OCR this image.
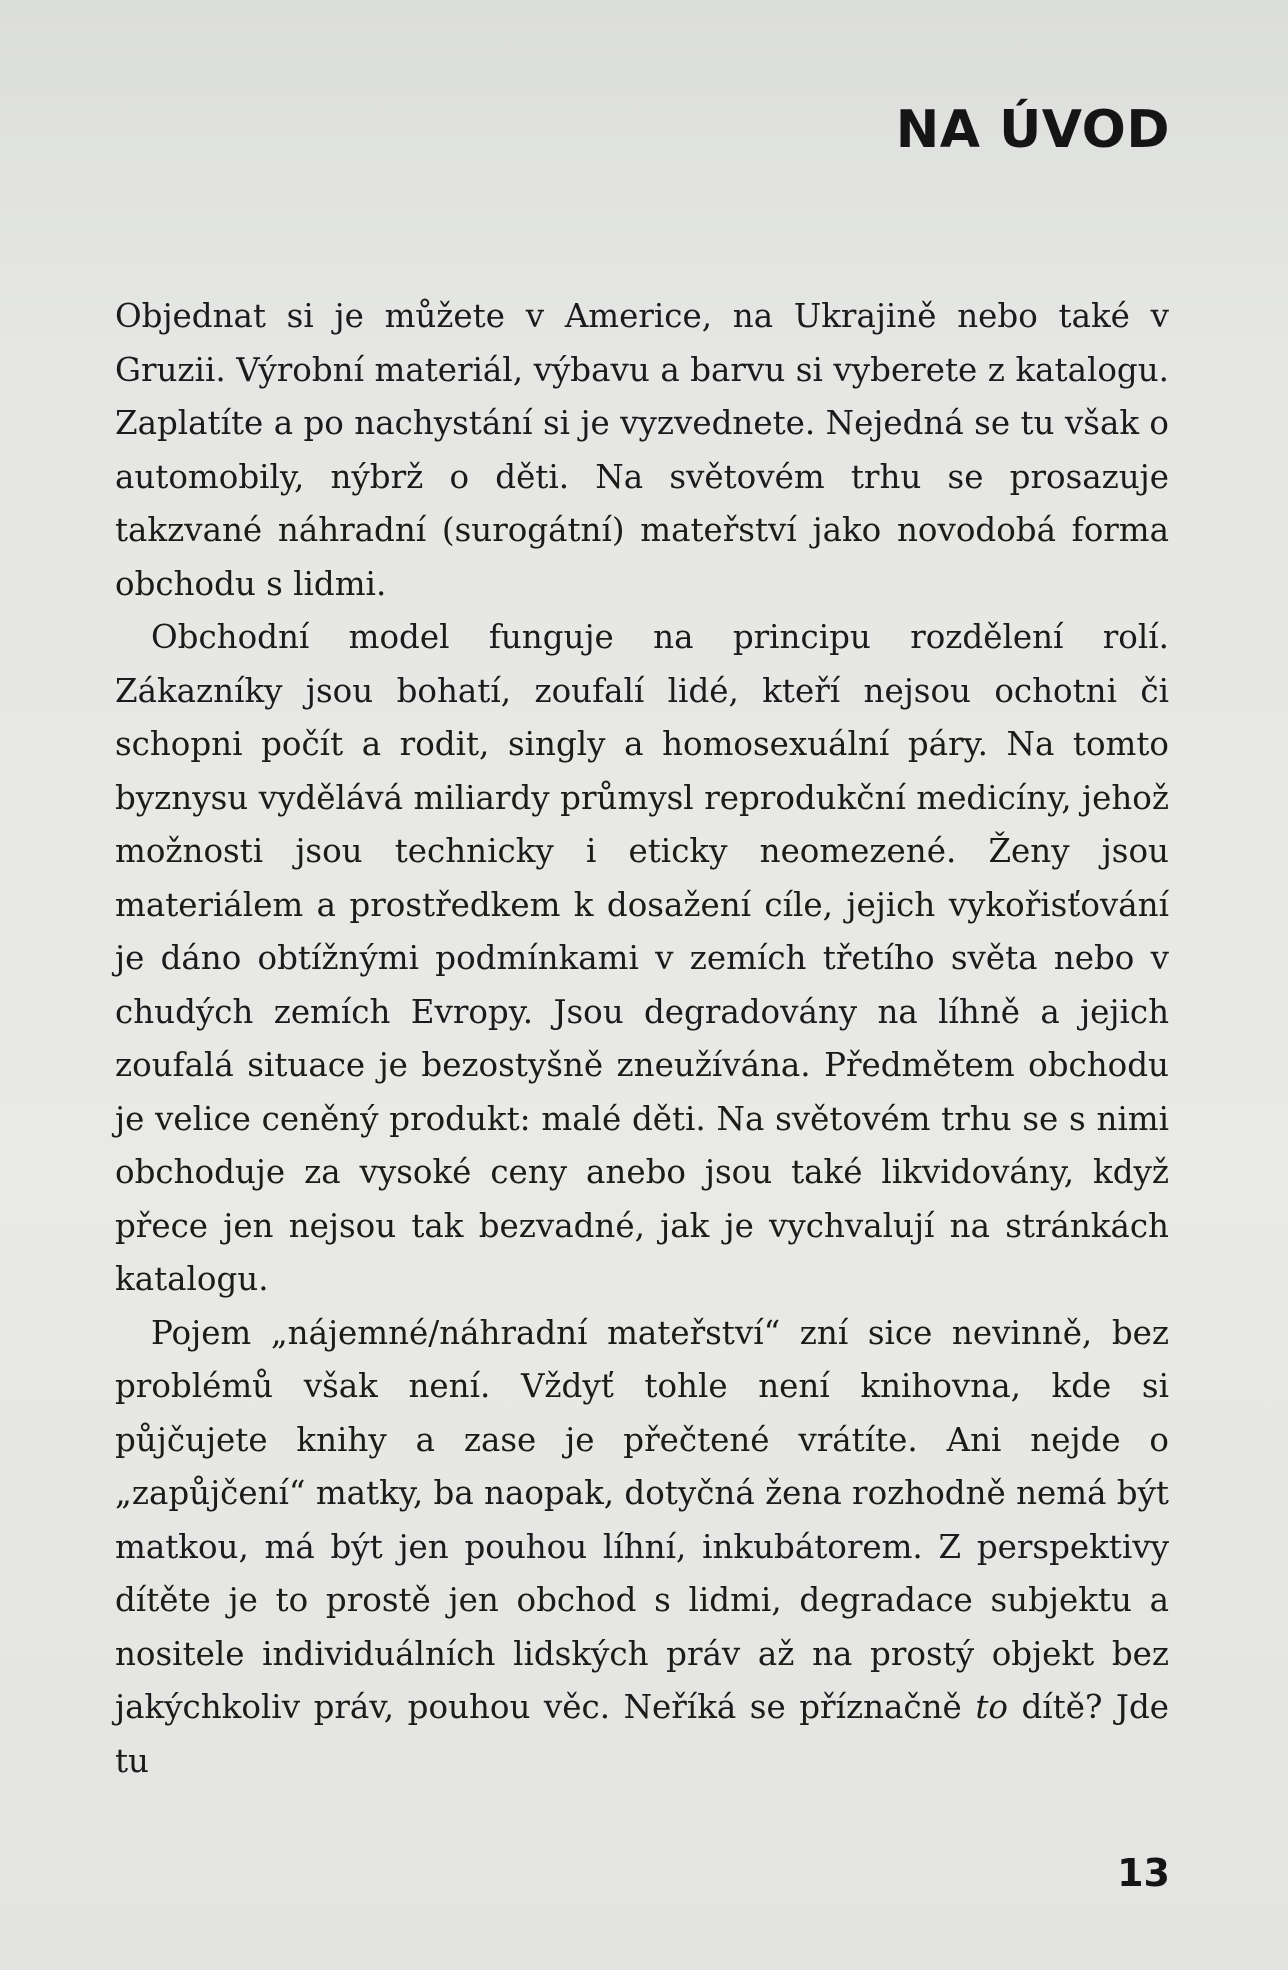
NA ÚVOD

Objednat si je můžete v Americe, na Ukrajině nebo také v Gruzii. Výrobní materiál, výbavu a barvu si vyberete z katalogu. Zaplatíte a po nachystání si je vyzvednete. Nejedná se tu však o automobily, nýbrž o děti. Na světovém trhu se prosazuje takzvané náhradní (surogátní) mateřství jako novodobá forma obchodu s lidmi.

Obchodní model funguje na principu rozdělení rolí. Zákazníky jsou bohatí, zoufalí lidé, kteří nejsou ochotni či schopni počít a rodit, singly a homosexuální páry. Na tomto byznysu vydělává miliardy průmysl reprodukční medicíny, jehož možnosti jsou technicky i eticky neomezené. Ženy jsou materiálem a prostředkem k dosažení cíle, jejich vykořisťování je dáno obtížnými podmínkami v zemích třetího světa nebo v chudých zemích Evropy. Jsou degradovány na líhně a jejich zoufalá situace je bezostyšně zneužívána. Předmětem obchodu je velice ceněný produkt: malé děti. Na světovém trhu se s nimi obchoduje za vysoké ceny anebo jsou také likvidovány, když přece jen nejsou tak bezvadné, jak je vychvalují na stránkách katalogu.

Pojem „nájemné/náhradní mateřství“ zní sice nevinně, bez problémů však není. Vždyť tohle není knihovna, kde si půjčujete knihy a zase je přečtené vrátíte. Ani nejde o „zapůjčení“ matky, ba naopak, dotyčná žena rozhodně nemá být matkou, má být jen pouhou líhní, inkubátorem. Z perspektivy dítěte je to prostě jen obchod s lidmi, degradace subjektu a nositele individuálních lidských práv až na prostý objekt bez jakýchkoliv práv, pouhou věc. Neříká se příznačně to dítě? Jde tu

13
